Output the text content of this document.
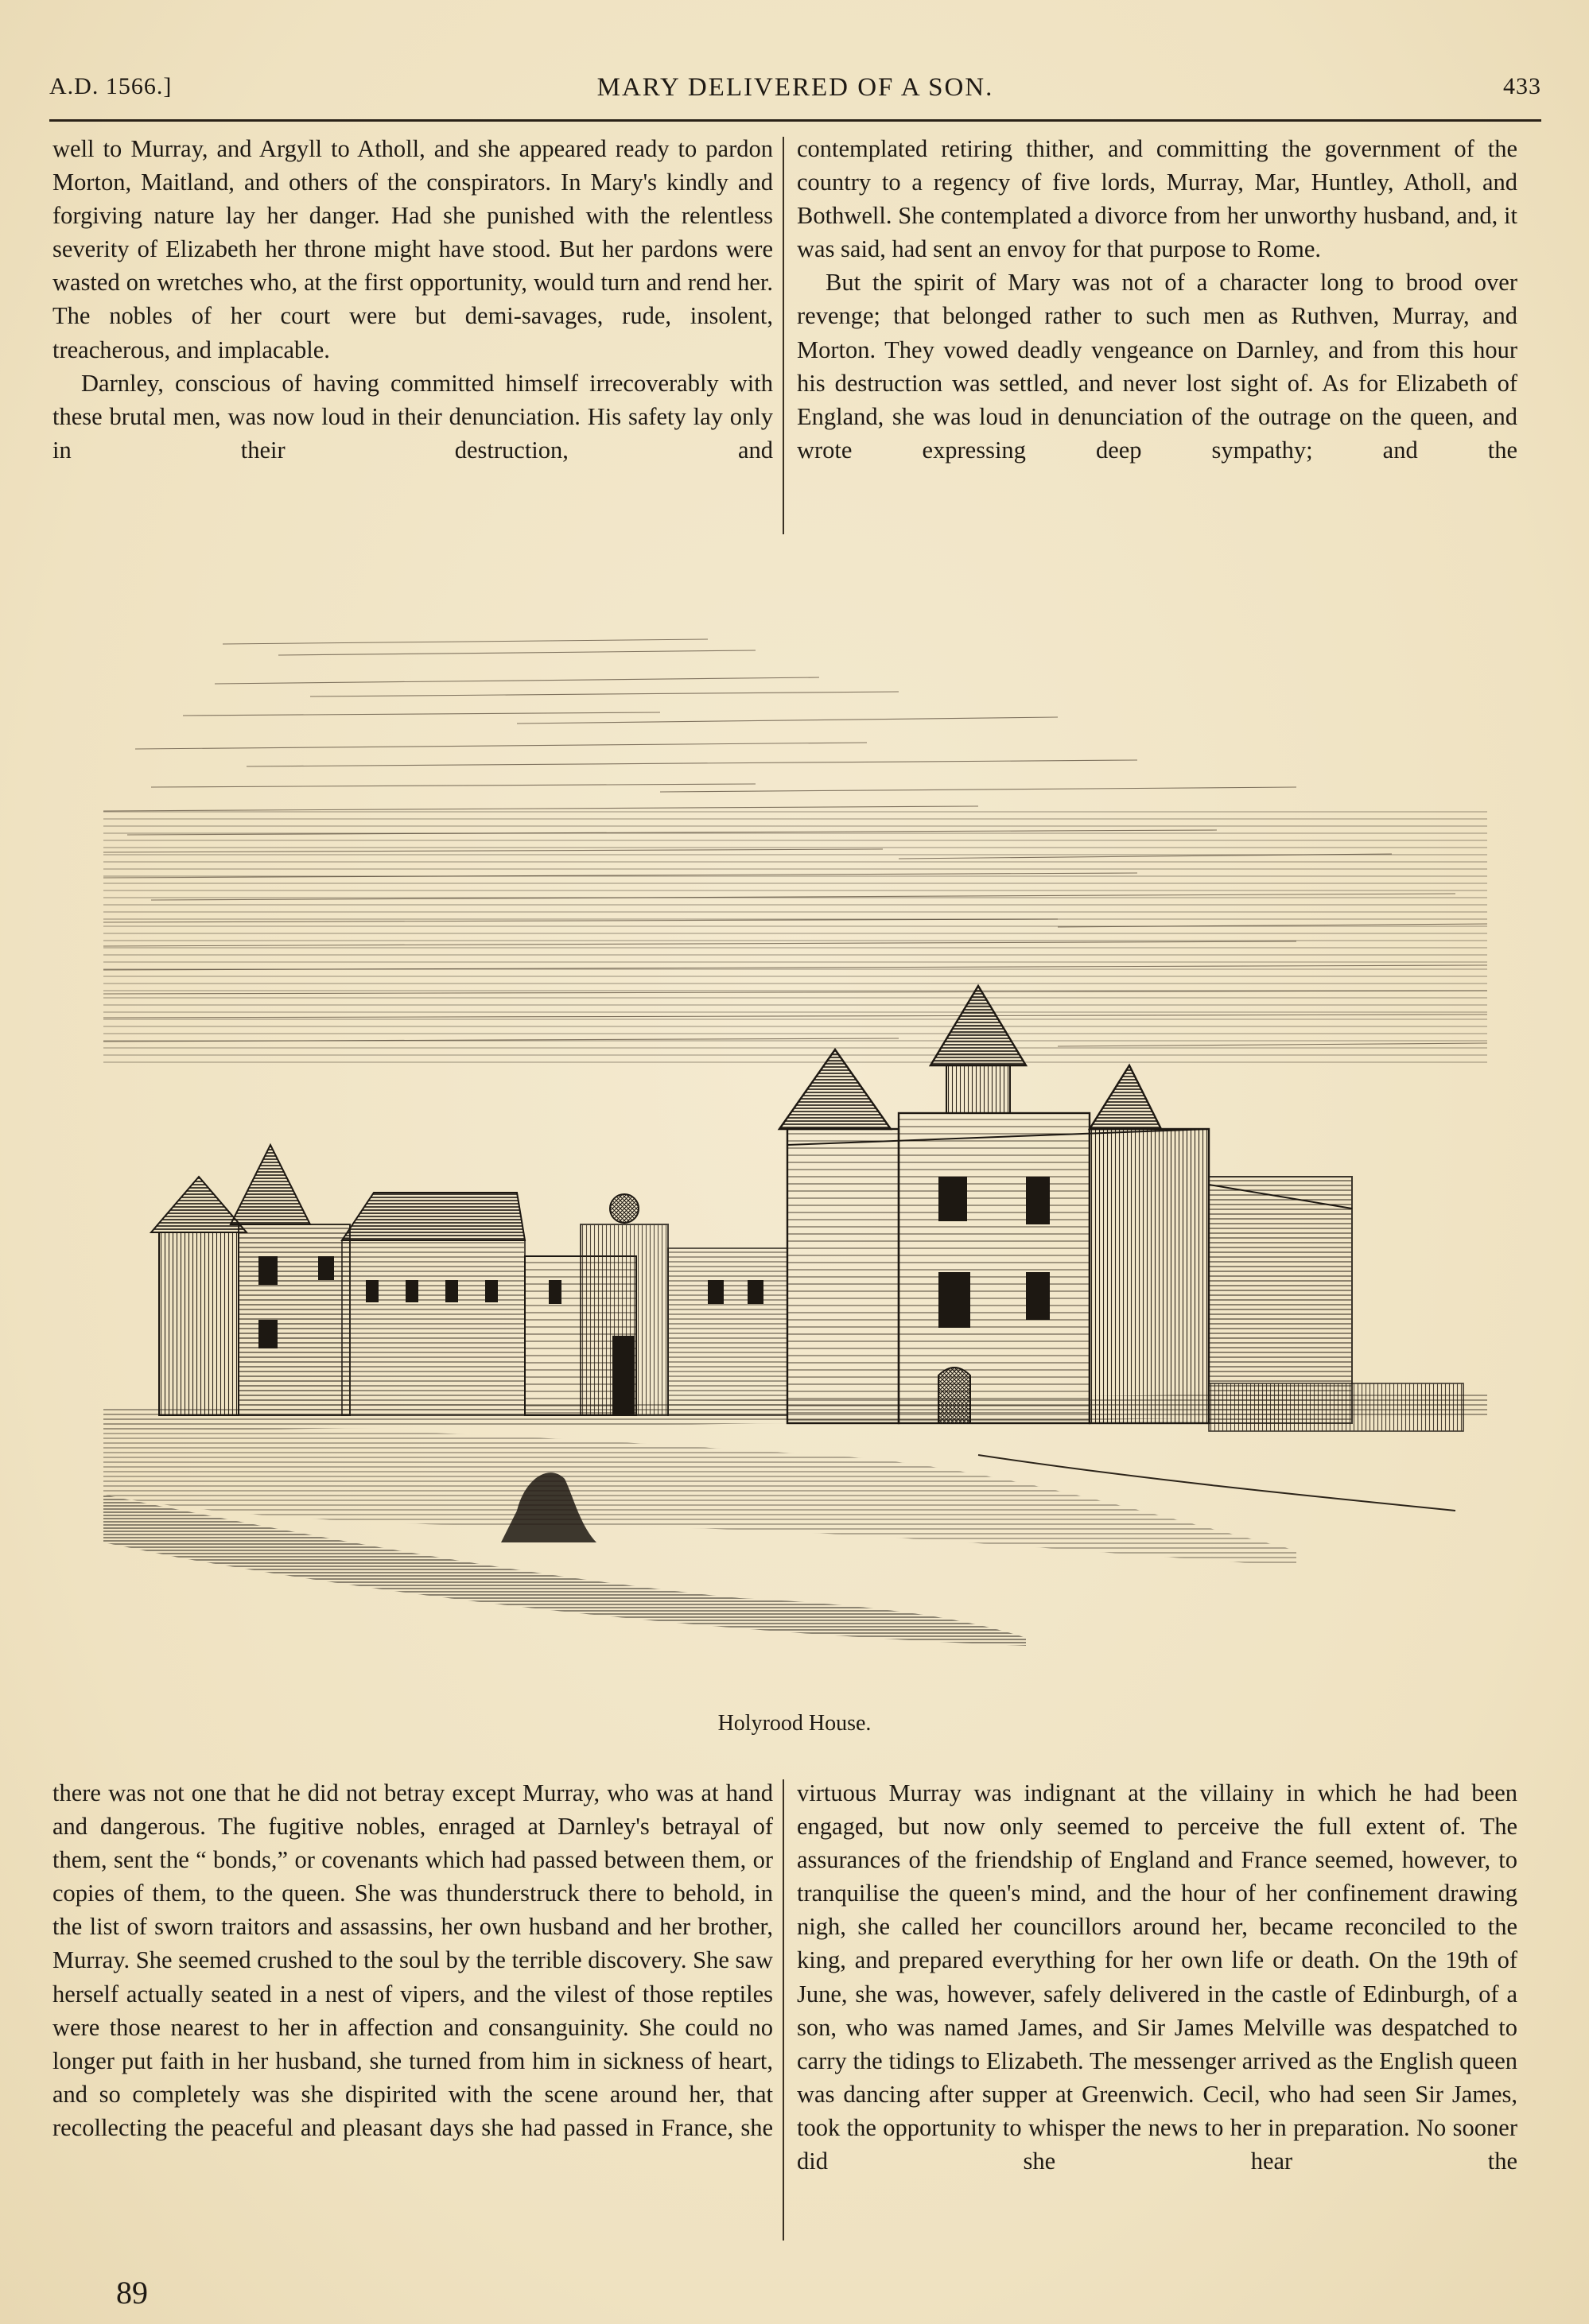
A.D. 1566.]	MARY DELIVERED OF A SON.	433

well to Murray, and Argyll to Atholl, and she appeared ready to pardon Morton, Maitland, and others of the conspirators. In Mary's kindly and forgiving nature lay her danger. Had she punished with the relentless severity of Elizabeth her throne might have stood. But her pardons were wasted on wretches who, at the first opportunity, would turn and rend her. The nobles of her court were but demi-savages, rude, insolent, treacherous, and implacable.

Darnley, conscious of having committed himself irrecoverably with these brutal men, was now loud in their denunciation. His safety lay only in their destruction, and

contemplated retiring thither, and committing the government of the country to a regency of five lords, Murray, Mar, Huntley, Atholl, and Bothwell. She contemplated a divorce from her unworthy husband, and, it was said, had sent an envoy for that purpose to Rome.

But the spirit of Mary was not of a character long to brood over revenge; that belonged rather to such men as Ruthven, Murray, and Morton. They vowed deadly vengeance on Darnley, and from this hour his destruction was settled, and never lost sight of. As for Elizabeth of England, she was loud in denunciation of the outrage on the queen, and wrote expressing deep sympathy; and the

Holyrood House.

there was not one that he did not betray except Murray, who was at hand and dangerous. The fugitive nobles, enraged at Darnley's betrayal of them, sent the “ bonds,” or covenants which had passed between them, or copies of them, to the queen. She was thunderstruck there to behold, in the list of sworn traitors and assassins, her own husband and her brother, Murray. She seemed crushed to the soul by the terrible discovery. She saw herself actually seated in a nest of vipers, and the vilest of those reptiles were those nearest to her in affection and consanguinity. She could no longer put faith in her husband, she turned from him in sickness of heart, and so completely was she dispirited with the scene around her, that recollecting the peaceful and pleasant days she had passed in France, she

virtuous Murray was indignant at the villainy in which he had been engaged, but now only seemed to perceive the full extent of. The assurances of the friendship of England and France seemed, however, to tranquilise the queen's mind, and the hour of her confinement drawing nigh, she called her councillors around her, became reconciled to the king, and prepared everything for her own life or death. On the 19th of June, she was, however, safely delivered in the castle of Edinburgh, of a son, who was named James, and Sir James Melville was despatched to carry the tidings to Elizabeth. The messenger arrived as the English queen was dancing after supper at Greenwich. Cecil, who had seen Sir James, took the opportunity to whisper the news to her in preparation. No sooner did she hear the

89
